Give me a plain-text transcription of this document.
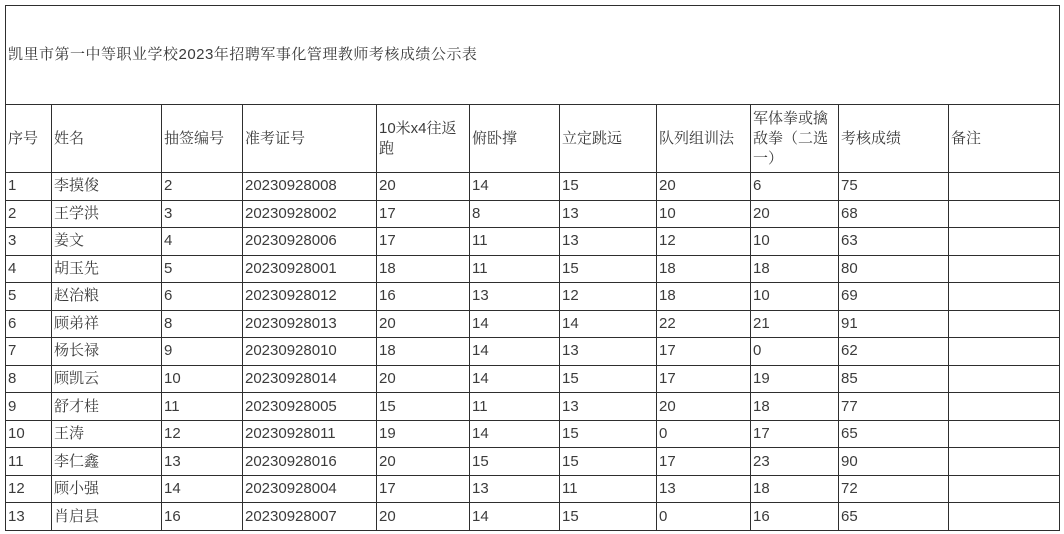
凯里市第一中等职业学校2023年招聘军事化管理教师考核成绩公示表										
序号	姓名	抽签编号	准考证号	10米x4往返跑	俯卧撑	立定跳远	队列组训法	军体拳或擒敌拳（二选一）	考核成绩	备注
1	李摸俊	2	20230928008	20	14	15	20	6	75	
2	王学洪	3	20230928002	17	8	13	10	20	68	
3	姜文	4	20230928006	17	11	13	12	10	63	
4	胡玉先	5	20230928001	18	11	15	18	18	80	
5	赵治粮	6	20230928012	16	13	12	18	10	69	
6	顾弟祥	8	20230928013	20	14	14	22	21	91	
7	杨长禄	9	20230928010	18	14	13	17	0	62	
8	顾凯云	10	20230928014	20	14	15	17	19	85	
9	舒才桂	11	20230928005	15	11	13	20	18	77	
10	王涛	12	20230928011	19	14	15	0	17	65	
11	李仁鑫	13	20230928016	20	15	15	17	23	90	
12	顾小强	14	20230928004	17	13	11	13	18	72	
13	肖启县	16	20230928007	20	14	15	0	16	65	
